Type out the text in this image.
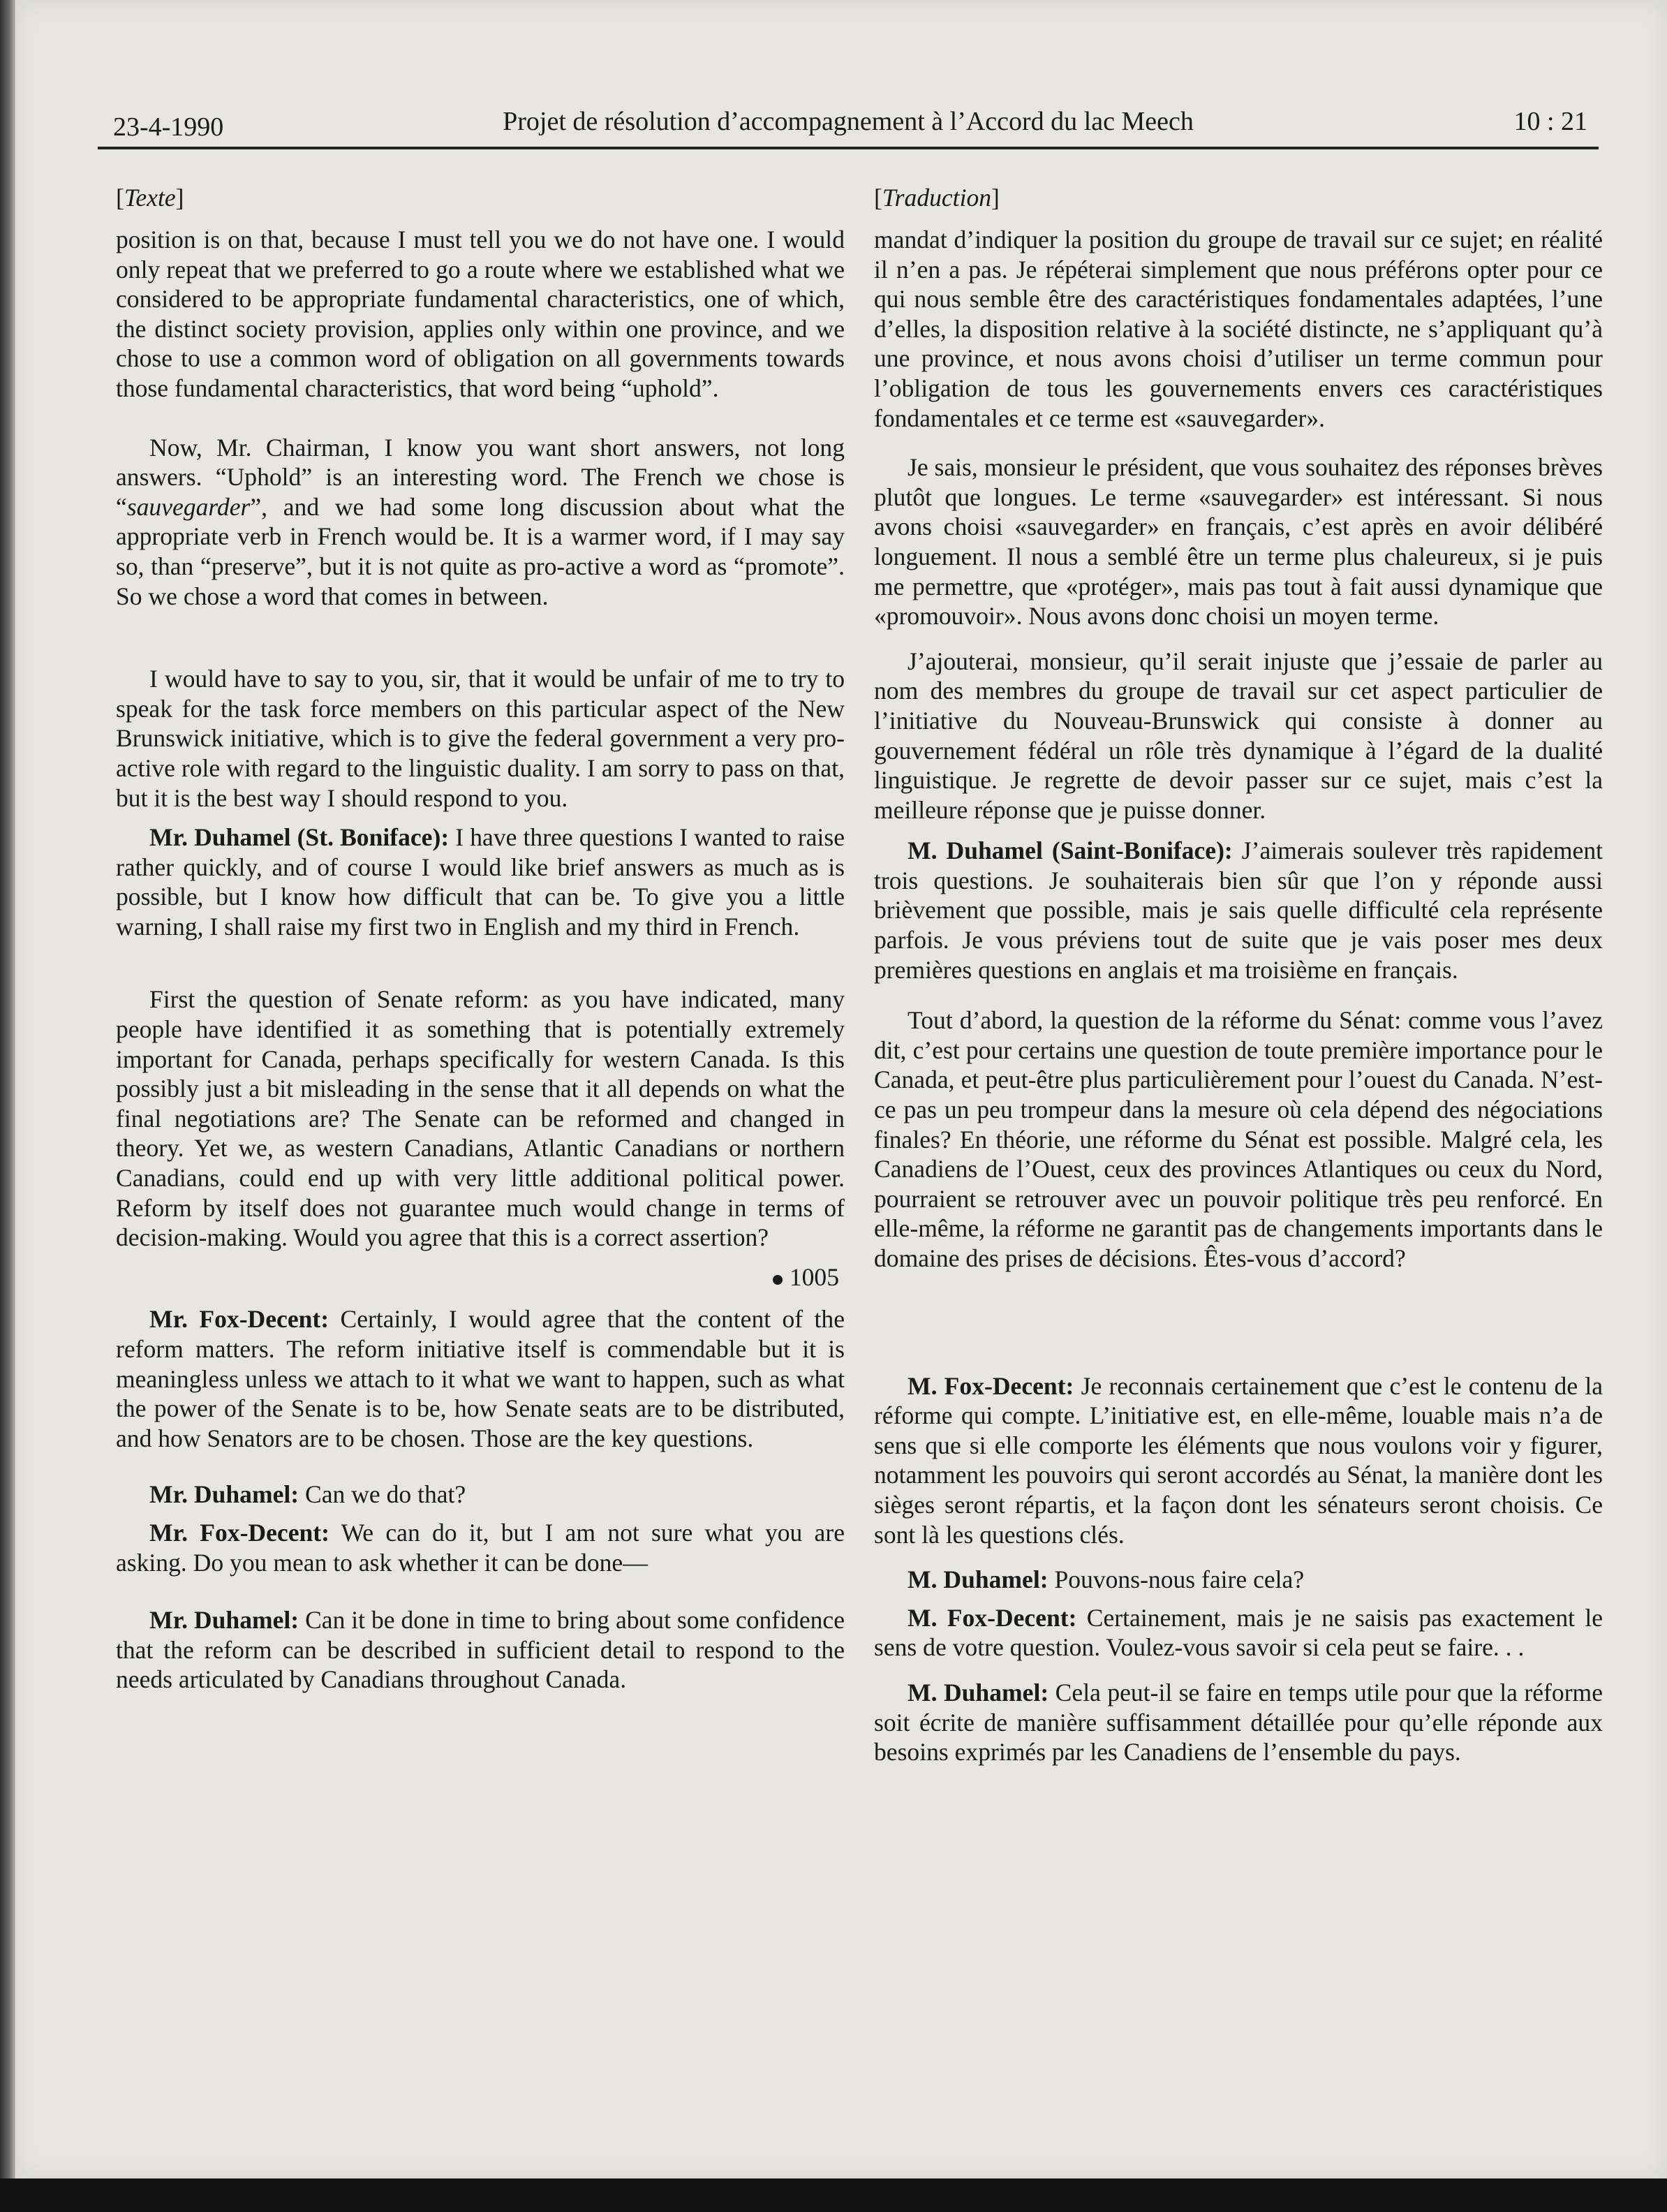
23-4-1990	Projet de résolution d’accompagnement à l’Accord du lac Meech	10 : 21
[Texte]

position is on that, because I must tell you we do not have one. I would only repeat that we preferred to go a route where we established what we considered to be appropriate fundamental characteristics, one of which, the distinct society provision, applies only within one province, and we chose to use a common word of obligation on all governments towards those fundamental characteristics, that word being “uphold”.

Now, Mr. Chairman, I know you want short answers, not long answers. “Uphold” is an interesting word. The French we chose is “sauvegarder”, and we had some long discussion about what the appropriate verb in French would be. It is a warmer word, if I may say so, than “preserve”, but it is not quite as pro-active a word as “promote”. So we chose a word that comes in between.

I would have to say to you, sir, that it would be unfair of me to try to speak for the task force members on this particular aspect of the New Brunswick initiative, which is to give the federal government a very pro-active role with regard to the linguistic duality. I am sorry to pass on that, but it is the best way I should respond to you.

Mr. Duhamel (St. Boniface): I have three questions I wanted to raise rather quickly, and of course I would like brief answers as much as is possible, but I know how difficult that can be. To give you a little warning, I shall raise my first two in English and my third in French.

First the question of Senate reform: as you have indicated, many people have identified it as something that is potentially extremely important for Canada, perhaps specifically for western Canada. Is this possibly just a bit misleading in the sense that it all depends on what the final negotiations are? The Senate can be reformed and changed in theory. Yet we, as western Canadians, Atlantic Canadians or northern Canadians, could end up with very little additional political power. Reform by itself does not guarantee much would change in terms of decision-making. Would you agree that this is a correct assertion?

1005

Mr. Fox-Decent: Certainly, I would agree that the content of the reform matters. The reform initiative itself is commendable but it is meaningless unless we attach to it what we want to happen, such as what the power of the Senate is to be, how Senate seats are to be distributed, and how Senators are to be chosen. Those are the key questions.

Mr. Duhamel: Can we do that?

Mr. Fox-Decent: We can do it, but I am not sure what you are asking. Do you mean to ask whether it can be done—

Mr. Duhamel: Can it be done in time to bring about some confidence that the reform can be described in sufficient detail to respond to the needs articulated by Canadians throughout Canada.

[Traduction]

mandat d’indiquer la position du groupe de travail sur ce sujet; en réalité il n’en a pas. Je répéterai simplement que nous préférons opter pour ce qui nous semble être des caractéristiques fondamentales adaptées, l’une d’elles, la disposition relative à la société distincte, ne s’appliquant qu’à une province, et nous avons choisi d’utiliser un terme commun pour l’obligation de tous les gouvernements envers ces caractéristiques fondamentales et ce terme est «sauvegarder».

Je sais, monsieur le président, que vous souhaitez des réponses brèves plutôt que longues. Le terme «sauvegarder» est intéressant. Si nous avons choisi «sauvegarder» en français, c’est après en avoir délibéré longuement. Il nous a semblé être un terme plus chaleureux, si je puis me permettre, que «protéger», mais pas tout à fait aussi dynamique que «promouvoir». Nous avons donc choisi un moyen terme.

J’ajouterai, monsieur, qu’il serait injuste que j’essaie de parler au nom des membres du groupe de travail sur cet aspect particulier de l’initiative du Nouveau-Brunswick qui consiste à donner au gouvernement fédéral un rôle très dynamique à l’égard de la dualité linguistique. Je regrette de devoir passer sur ce sujet, mais c’est la meilleure réponse que je puisse donner.

M. Duhamel (Saint-Boniface): J’aimerais soulever très rapidement trois questions. Je souhaiterais bien sûr que l’on y réponde aussi brièvement que possible, mais je sais quelle difficulté cela représente parfois. Je vous préviens tout de suite que je vais poser mes deux premières questions en anglais et ma troisième en français.

Tout d’abord, la question de la réforme du Sénat: comme vous l’avez dit, c’est pour certains une question de toute première importance pour le Canada, et peut-être plus particulièrement pour l’ouest du Canada. N’est-ce pas un peu trompeur dans la mesure où cela dépend des négociations finales? En théorie, une réforme du Sénat est possible. Malgré cela, les Canadiens de l’Ouest, ceux des provinces Atlantiques ou ceux du Nord, pourraient se retrouver avec un pouvoir politique très peu renforcé. En elle-même, la réforme ne garantit pas de changements importants dans le domaine des prises de décisions. Êtes-vous d’accord?

M. Fox-Decent: Je reconnais certainement que c’est le contenu de la réforme qui compte. L’initiative est, en elle-même, louable mais n’a de sens que si elle comporte les éléments que nous voulons voir y figurer, notamment les pouvoirs qui seront accordés au Sénat, la manière dont les sièges seront répartis, et la façon dont les sénateurs seront choisis. Ce sont là les questions clés.

M. Duhamel: Pouvons-nous faire cela?

M. Fox-Decent: Certainement, mais je ne saisis pas exactement le sens de votre question. Voulez-vous savoir si cela peut se faire. . .

M. Duhamel: Cela peut-il se faire en temps utile pour que la réforme soit écrite de manière suffisamment détaillée pour qu’elle réponde aux besoins exprimés par les Canadiens de l’ensemble du pays.
